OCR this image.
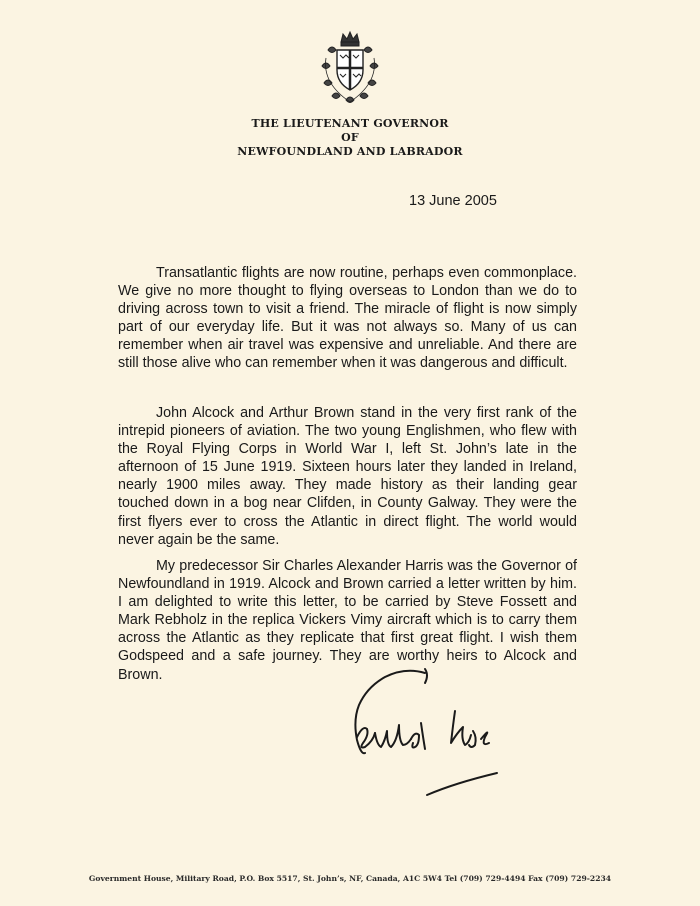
THE LIEUTENANT GOVERNOR
OF
NEWFOUNDLAND AND LABRADOR
13 June 2005

Transatlantic flights are now routine, perhaps even commonplace. We give no more thought to flying overseas to London than we do to driving across town to visit a friend. The miracle of flight is now simply part of our everyday life. But it was not always so. Many of us can remember when air travel was expensive and unreliable. And there are still those alive who can remember when it was dangerous and difficult.

John Alcock and Arthur Brown stand in the very first rank of the intrepid pioneers of aviation. The two young Englishmen, who flew with the Royal Flying Corps in World War I, left St. John’s late in the afternoon of 15 June 1919. Sixteen hours later they landed in Ireland, nearly 1900 miles away. They made history as their landing gear touched down in a bog near Clifden, in County Galway. They were the first flyers ever to cross the Atlantic in direct flight. The world would never again be the same.

My predecessor Sir Charles Alexander Harris was the Governor of Newfoundland in 1919. Alcock and Brown carried a letter written by him. I am delighted to write this letter, to be carried by Steve Fossett and Mark Rebholz in the replica Vickers Vimy aircraft which is to carry them across the Atlantic as they replicate that first great flight. I wish them Godspeed and a safe journey. They are worthy heirs to Alcock and Brown.

Government House, Military Road, P.O. Box 5517, St. John’s, NF, Canada, A1C 5W4 Tel (709) 729-4494 Fax (709) 729-2234
